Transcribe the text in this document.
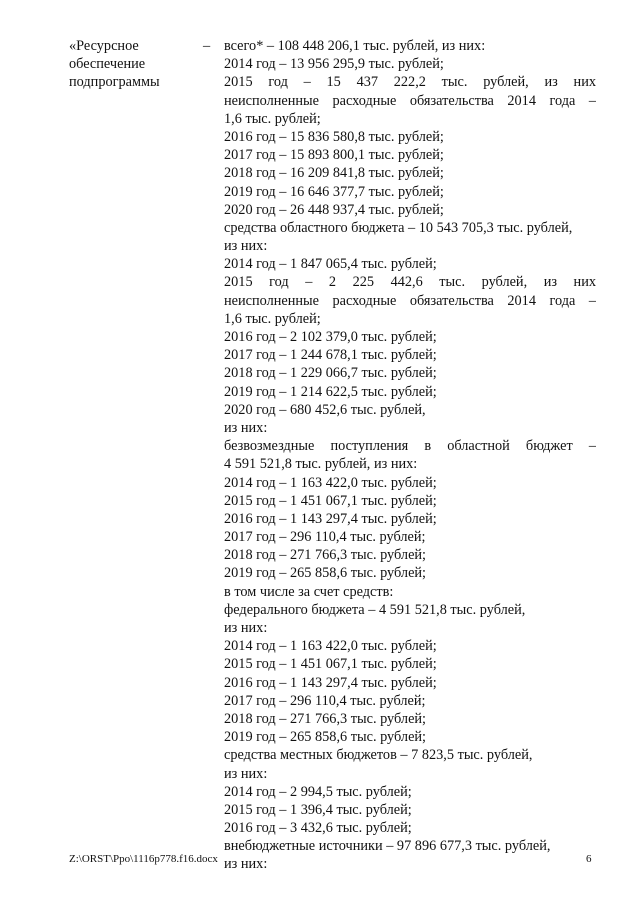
«Ресурсное
обеспечение
подпрограммы
– всего* – 108 448 206,1 тыс. рублей, из них:
2014 год – 13 956 295,9 тыс. рублей;
2015 год – 15 437 222,2 тыс. рублей, из них
неисполненные расходные обязательства 2014 года –
1,6 тыс. рублей;
2016 год – 15 836 580,8 тыс. рублей;
2017 год – 15 893 800,1 тыс. рублей;
2018 год – 16 209 841,8 тыс. рублей;
2019 год – 16 646 377,7 тыс. рублей;
2020 год – 26 448 937,4 тыс. рублей;
средства областного бюджета – 10 543 705,3 тыс. рублей,
из них:
2014 год – 1 847 065,4 тыс. рублей;
2015 год – 2 225 442,6 тыс. рублей, из них
неисполненные расходные обязательства 2014 года –
1,6 тыс. рублей;
2016 год – 2 102 379,0 тыс. рублей;
2017 год – 1 244 678,1 тыс. рублей;
2018 год – 1 229 066,7 тыс. рублей;
2019 год – 1 214 622,5 тыс. рублей;
2020 год – 680 452,6 тыс. рублей,
из них:
безвозмездные поступления в областной бюджет –
4 591 521,8 тыс. рублей, из них:
2014 год – 1 163 422,0 тыс. рублей;
2015 год – 1 451 067,1 тыс. рублей;
2016 год – 1 143 297,4 тыс. рублей;
2017 год – 296 110,4 тыс. рублей;
2018 год – 271 766,3 тыс. рублей;
2019 год – 265 858,6 тыс. рублей;
в том числе за счет средств:
федерального бюджета – 4 591 521,8 тыс. рублей,
из них:
2014 год – 1 163 422,0 тыс. рублей;
2015 год – 1 451 067,1 тыс. рублей;
2016 год – 1 143 297,4 тыс. рублей;
2017 год – 296 110,4 тыс. рублей;
2018 год – 271 766,3 тыс. рублей;
2019 год – 265 858,6 тыс. рублей;
средства местных бюджетов – 7 823,5 тыс. рублей,
из них:
2014 год – 2 994,5 тыс. рублей;
2015 год – 1 396,4 тыс. рублей;
2016 год – 3 432,6 тыс. рублей;
внебюджетные источники – 97 896 677,3 тыс. рублей,
из них:
Z:\ORST\Ppo\1116p778.f16.docx	6
